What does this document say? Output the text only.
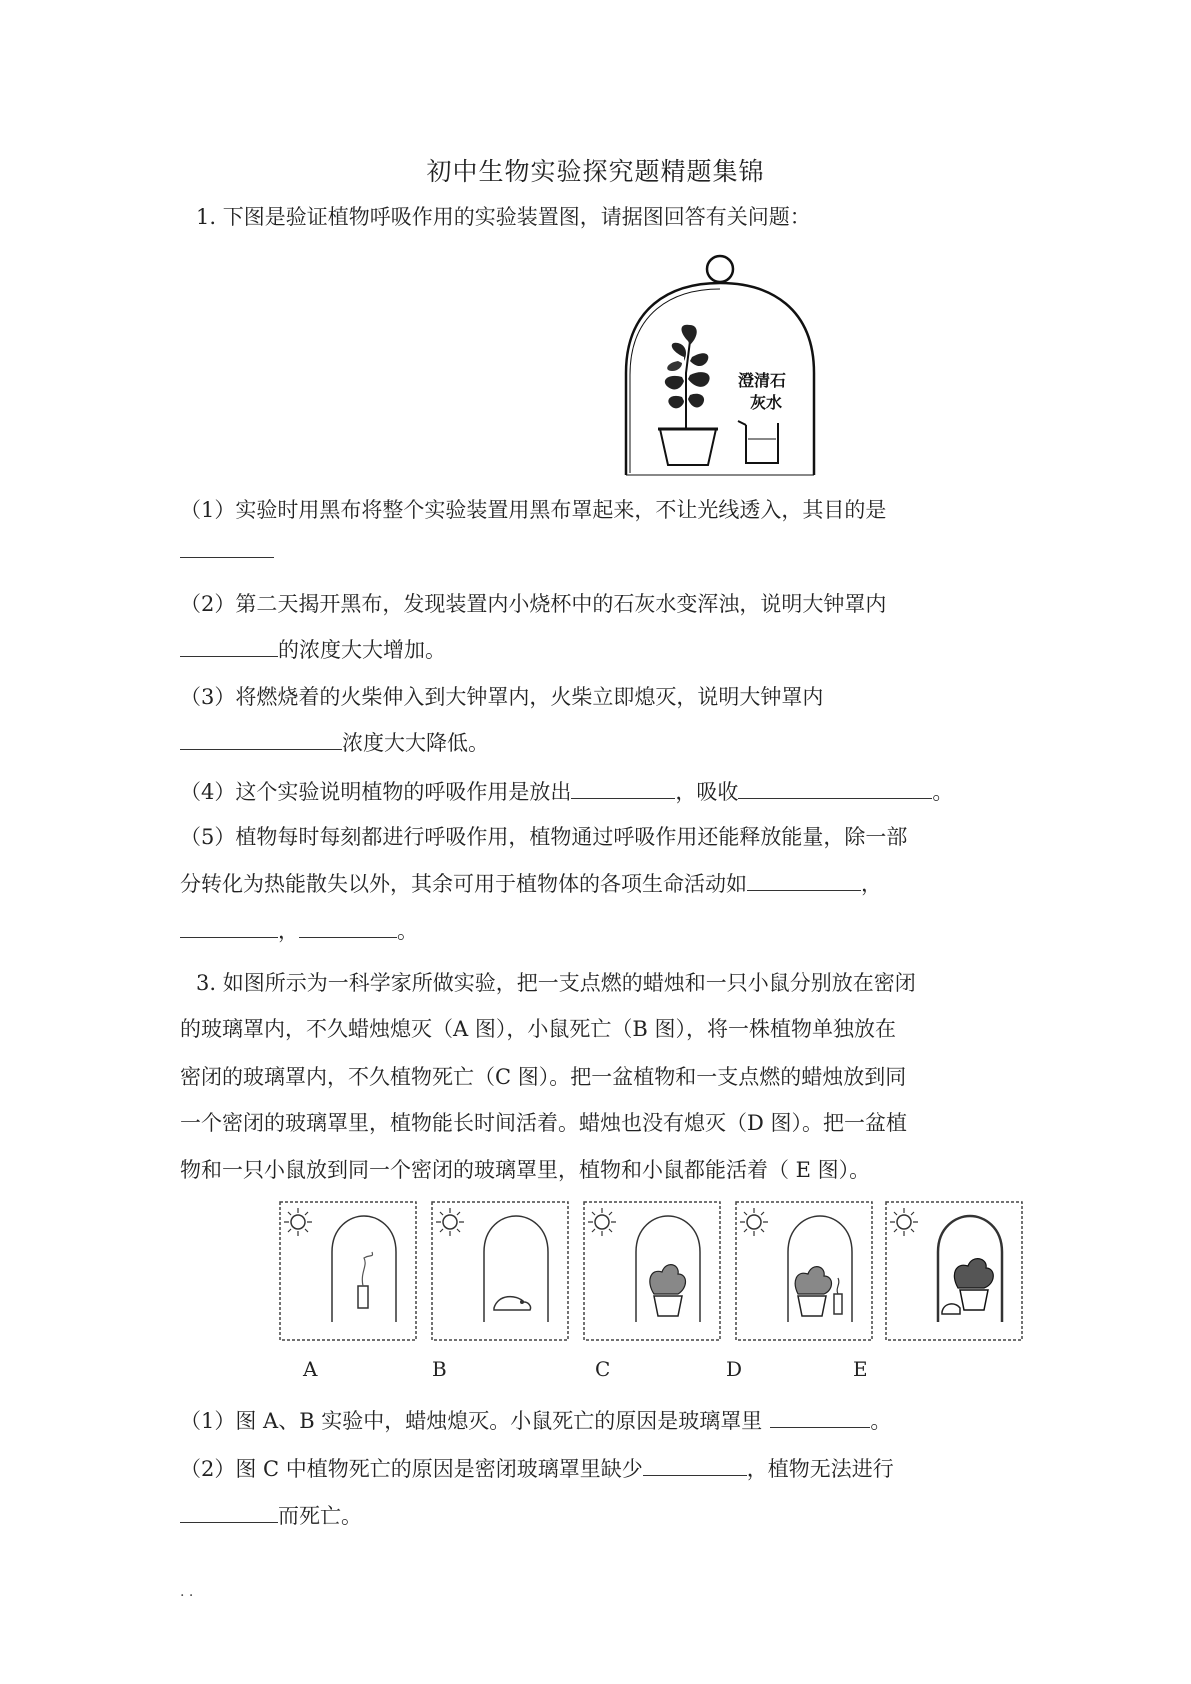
初中生物实验探究题精题集锦
1. 下图是验证植物呼吸作用的实验装置图，请据图回答有关问题：
澄清石
灰水
（1）实验时用黑布将整个实验装置用黑布罩起来，不让光线透入，其目的是
（2）第二天揭开黑布，发现装置内小烧杯中的石灰水变浑浊，说明大钟罩内
的浓度大大增加。
（3）将燃烧着的火柴伸入到大钟罩内，火柴立即熄灭，说明大钟罩内
浓度大大降低。
（4）这个实验说明植物的呼吸作用是放出	，吸收	。
（5）植物每时每刻都进行呼吸作用，植物通过呼吸作用还能释放能量，除一部
分转化为热能散失以外，其余可用于植物体的各项生命活动如	，
，	。
3. 如图所示为一科学家所做实验，把一支点燃的蜡烛和一只小鼠分别放在密闭
的玻璃罩内，不久蜡烛熄灭（A 图），小鼠死亡（B 图），将一株植物单独放在
密闭的玻璃罩内，不久植物死亡（C 图）。把一盆植物和一支点燃的蜡烛放到同
一个密闭的玻璃罩里，植物能长时间活着。蜡烛也没有熄灭（D 图）。把一盆植
物和一只小鼠放到同一个密闭的玻璃罩里，植物和小鼠都能活着（ E 图）。
A	B	C	D	E
（1）图 A、B 实验中，蜡烛熄灭。小鼠死亡的原因是玻璃罩里	。
（2）图 C 中植物死亡的原因是密闭玻璃罩里缺少	，植物无法进行
而死亡。
. .
